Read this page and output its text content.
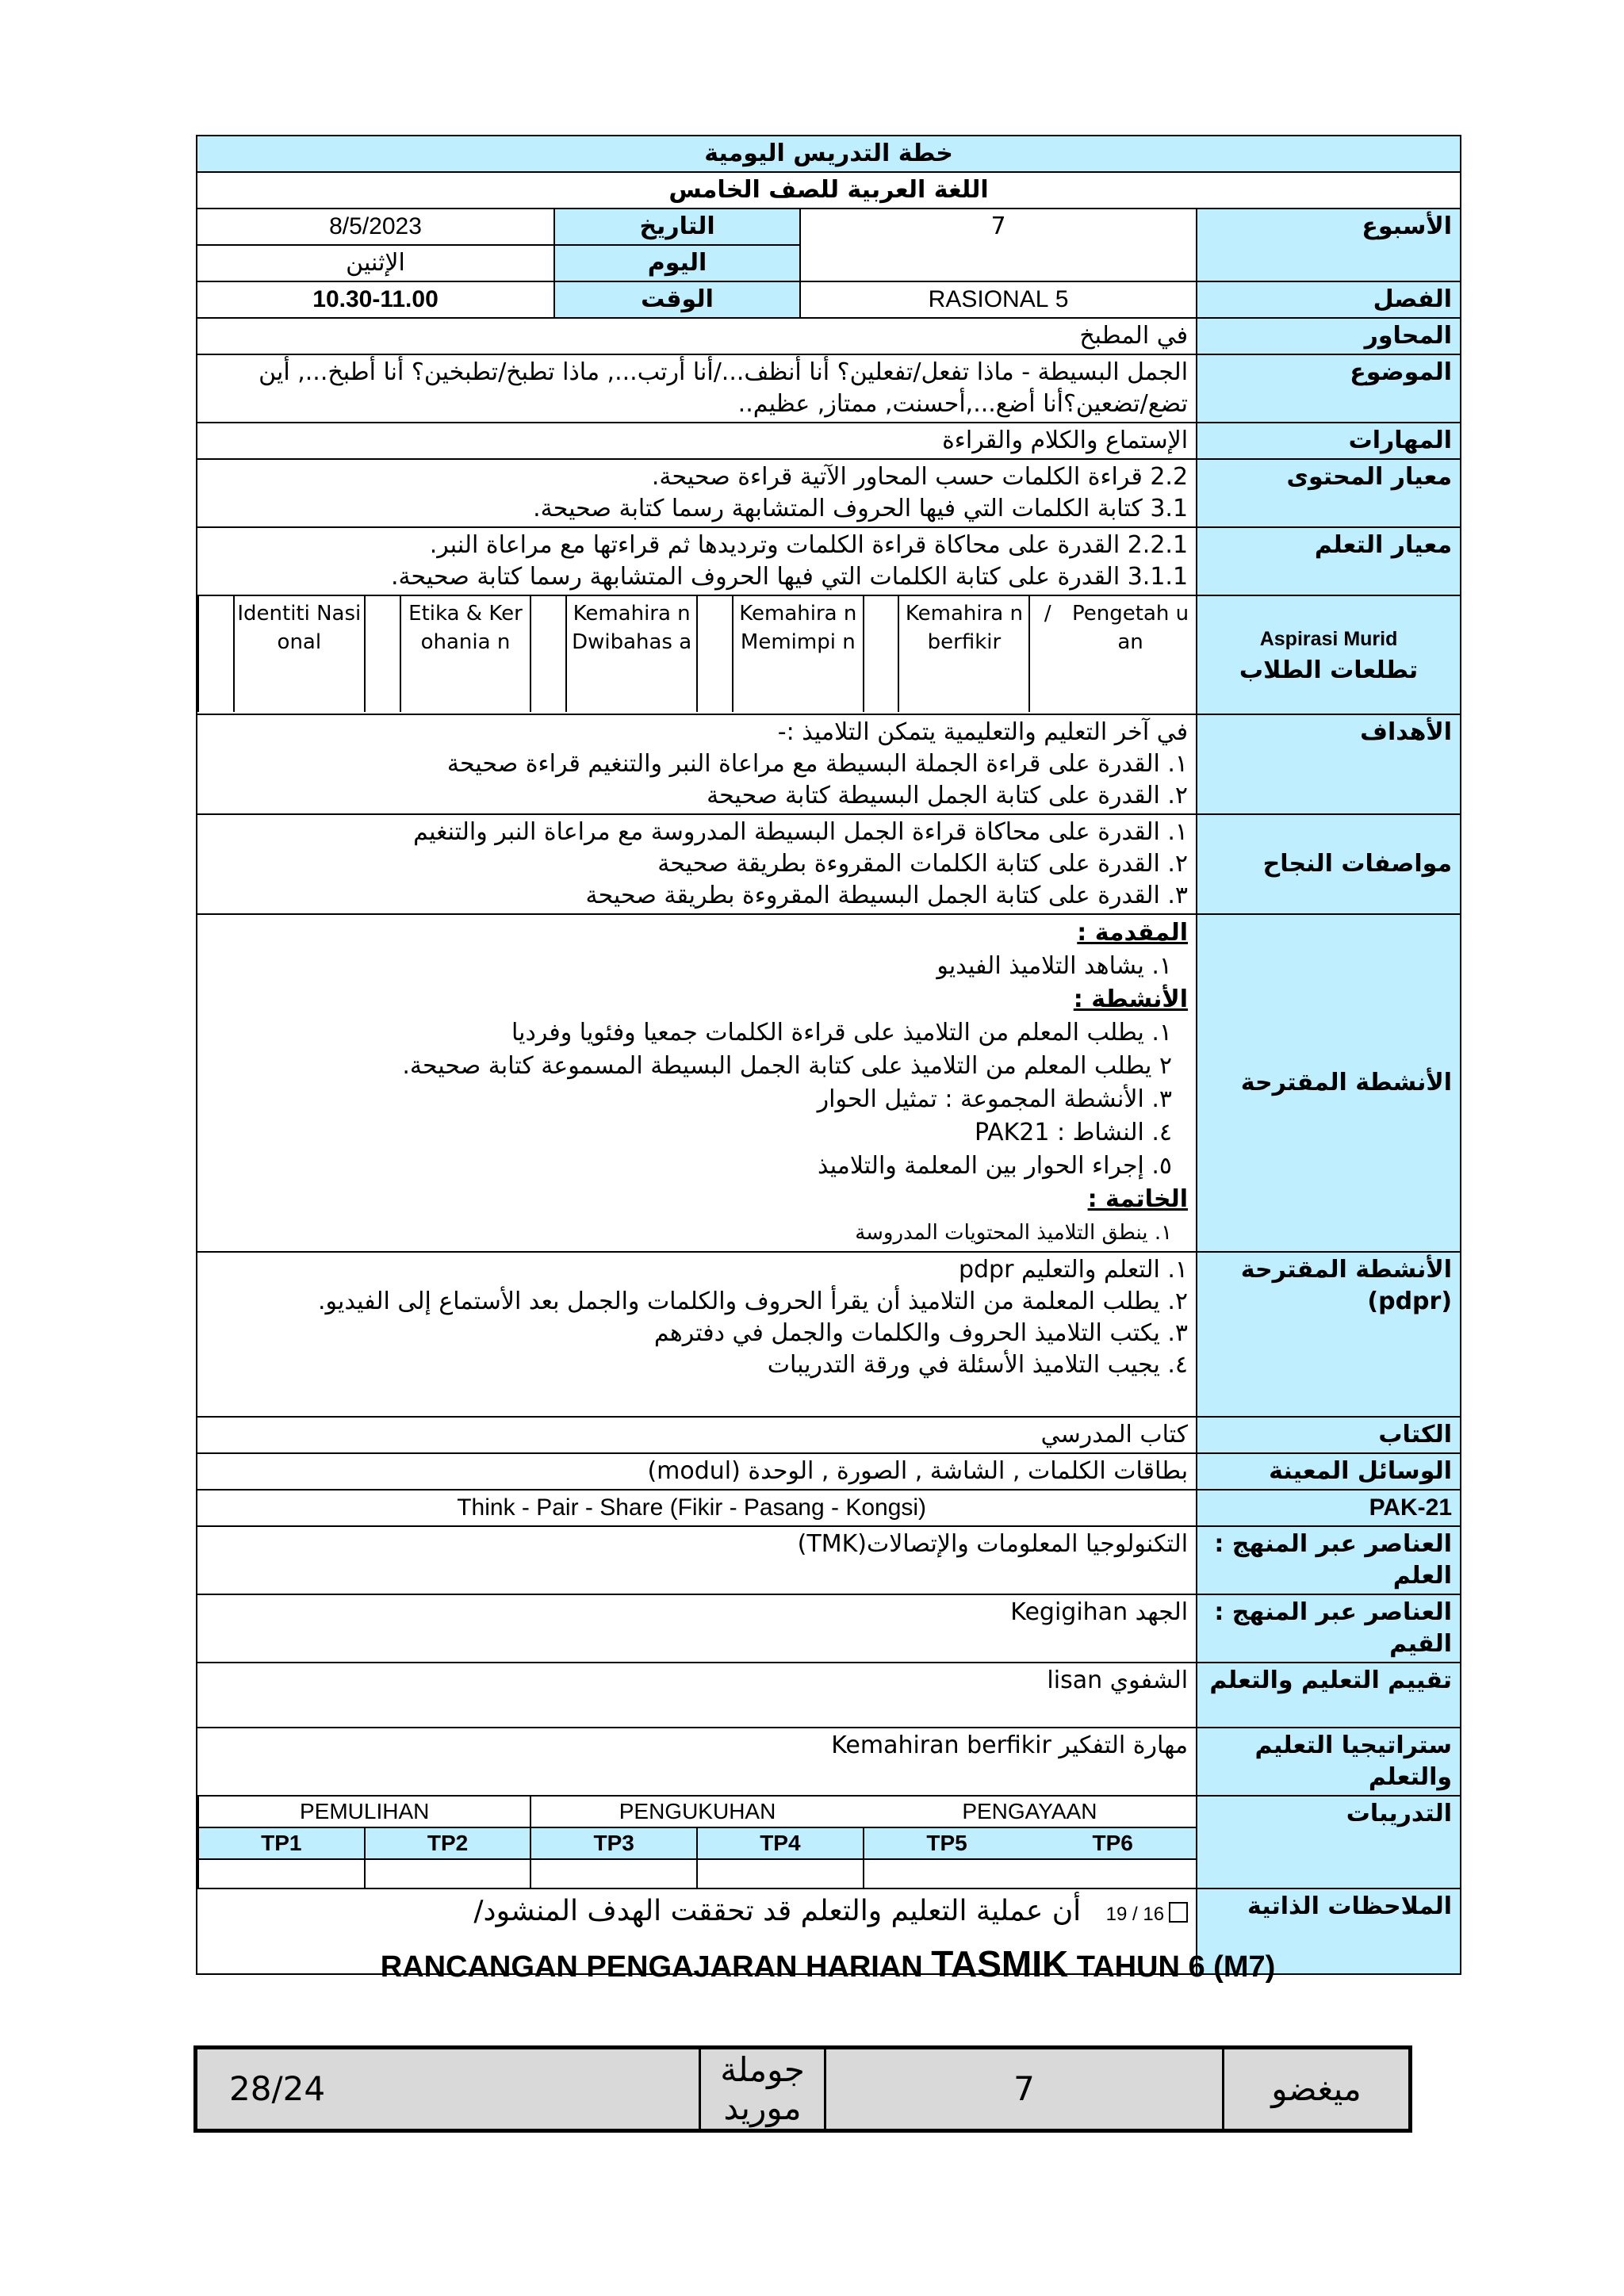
خطة التدريس اليومية
اللغة العربية للصف الخامس
الأسبوع	7	التاريخ	8/5/2023
اليوم	الإثنين
الفصل	5 RASIONAL	الوقت	10.30-11.00
المحاور	في المطبخ
الموضوع	الجمل البسيطة - ماذا تفعل/تفعلين؟ أنا أنظف.../أنا أرتب..., ماذا تطبخ/تطبخين؟ أنا أطبخ..., أين تضع/تضعين؟أنا أضع...,أحسنت, ممتاز, عظيم..
المهارات	الإستماع والكلام والقراءة
معيار المحتوى	
2.2 قراءة الكلمات حسب المحاور الآتية قراءة صحيحة.
3.1 كتابة الكلمات التي فيها الحروف المتشابهة رسما كتابة صحيحة.

معيار التعلم	
2.2.1 القدرة على محاكاة قراءة الكلمات وترديدها ثم قراءتها مع مراعاة النبر.
3.1.1 القدرة على كتابة الكلمات التي فيها الحروف المتشابهة رسما كتابة صحيحة.

Aspirasi Murid
تطلعات الطلاب

Pengetah uan	/	Kemahira n berfikir		Kemahira n Memimpi n		Kemahira n Dwibahas a		Etika & Kerohania n		Identiti Nasional	

الأهداف	
في آخر التعليم والتعليمية يتمكن التلاميذ :-
١. القدرة على قراءة الجملة البسيطة مع مراعاة النبر والتنغيم قراءة صحيحة
٢. القدرة على كتابة الجمل البسيطة كتابة صحيحة

مواصفات النجاح	
١. القدرة على محاكاة قراءة الجمل البسيطة المدروسة مع مراعاة النبر والتنغيم
٢. القدرة على كتابة الكلمات المقروءة بطريقة صحيحة
٣. القدرة على كتابة الجمل البسيطة المقروءة بطريقة صحيحة

الأنشطة المقترحة	
المقدمة :
١. يشاهد التلاميذ الفيديو
الأنشطة :
١. يطلب المعلم من التلاميذ على قراءة الكلمات جمعيا وفئويا وفرديا
٢ يطلب المعلم من التلاميذ على كتابة الجمل البسيطة المسموعة كتابة صحيحة.
٣. الأنشطة المجموعة : تمثيل الحوار
٤. النشاط : PAK21
٥. إجراء الحوار بين المعلمة والتلاميذ
الخاتمة :
١. ينطق التلاميذ المحتويات المدروسة

الأنشطة المقترحة (pdpr)	
١. التعلم والتعليم pdpr
٢. يطلب المعلمة من التلاميذ أن يقرأ الحروف والكلمات والجمل بعد الأستماع إلى الفيديو.
٣. يكتب التلاميذ الحروف والكلمات والجمل في دفترهم
٤. يجيب التلاميذ الأسئلة في ورقة التدريبات

الكتاب	كتاب المدرسي
الوسائل المعينة	بطاقات الكلمات , الشاشة , الصورة , الوحدة (modul)
PAK-21	Think - Pair - Share (Fikir - Pasang - Kongsi)
العناصر عبر المنهج : العلم	التكنولوجيا المعلومات والإتصالات(TMK)
العناصر عبر المنهج : القيم	الجهد Kegigihan
تقييم التعليم والتعلم	الشفوي lisan
ستراتيجيا التعليم والتعلم	مهارة التفكير Kemahiran berfikir
التدريبات	
PENGAYAAN	PENGUKUHAN	PEMULIHAN
TP6	TP5	TP4	TP3	TP2	TP1

الملاحظات الذاتية	19 / 16 أن عملية التعليم والتعلم قد تحققت الهدف المنشود/
RANCANGAN PENGAJARAN HARIAN TASMIK TAHUN 6 (M7)
ميغضو	7	جوملة موريد	28/24
